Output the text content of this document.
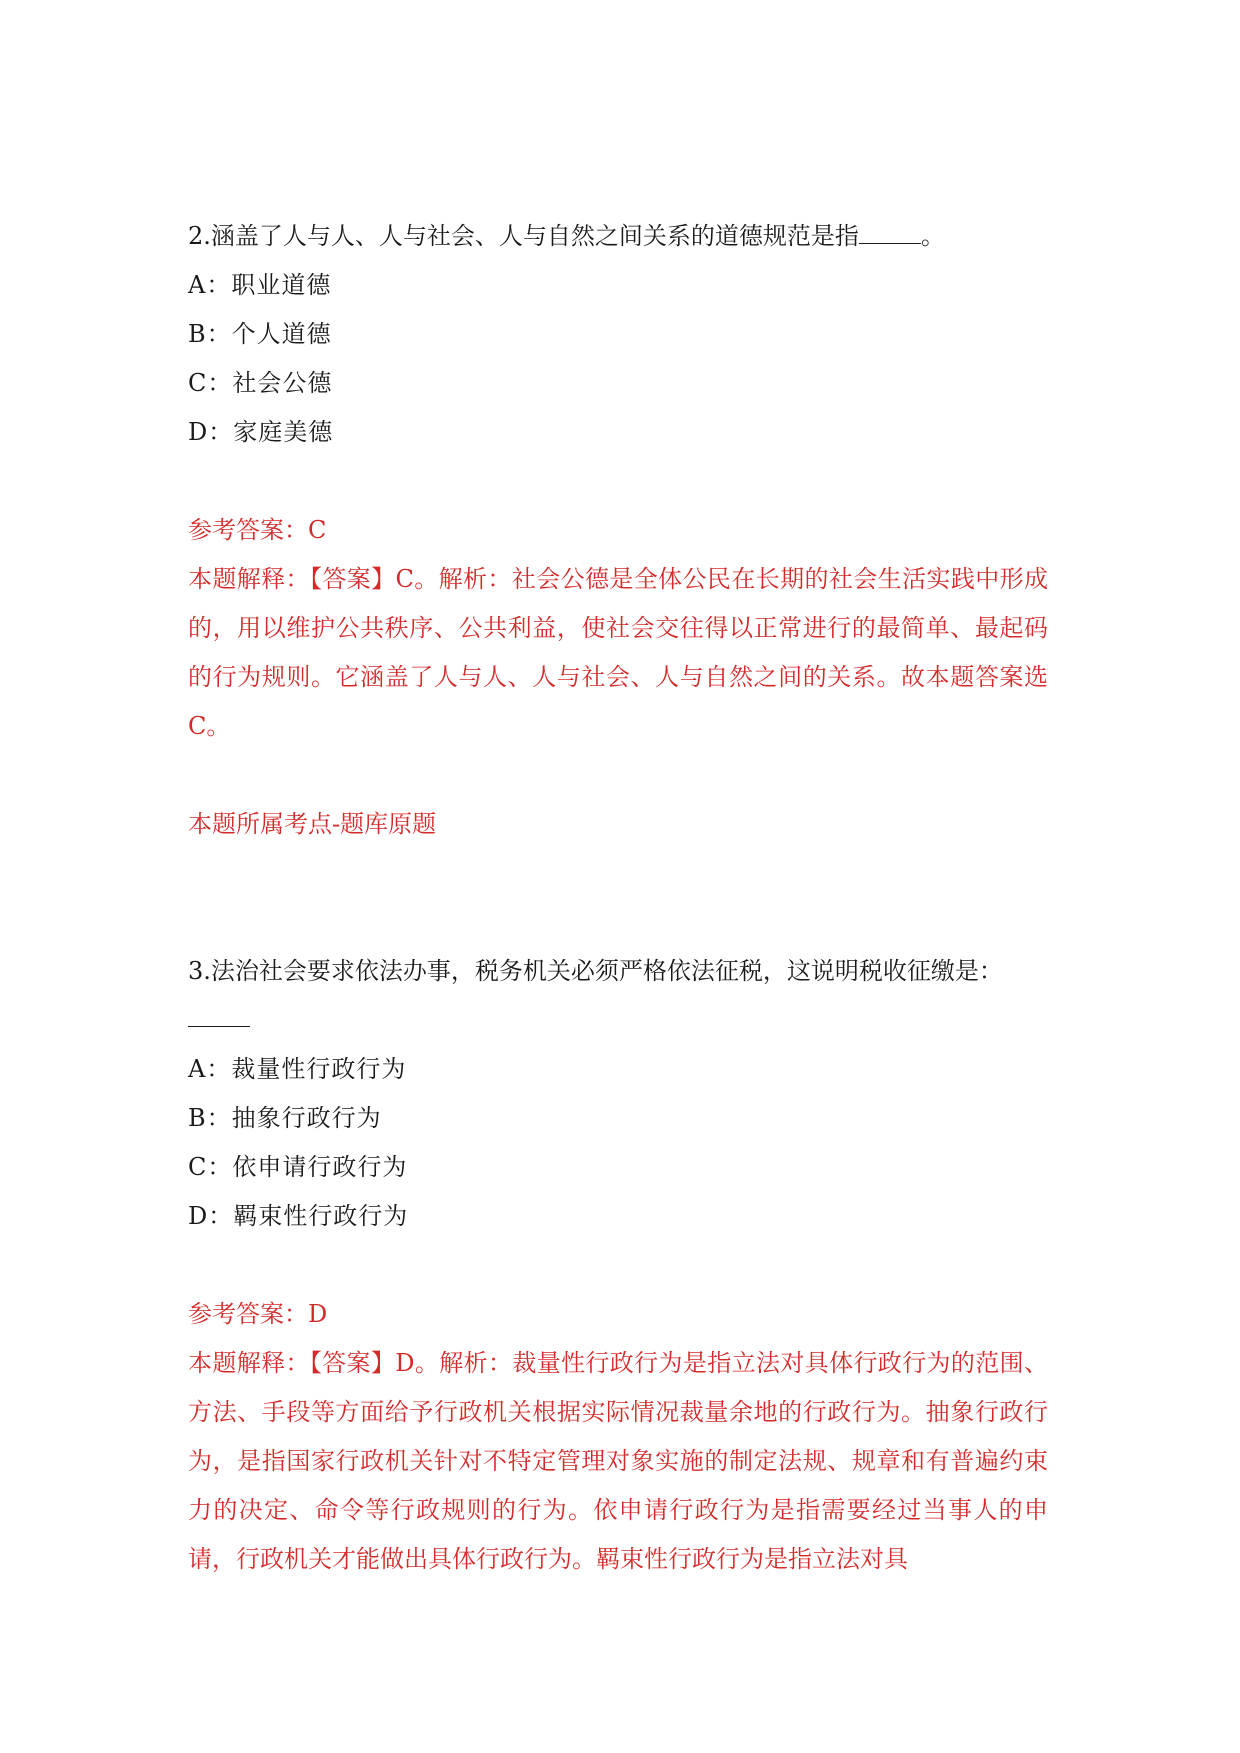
2.涵盖了人与人、人与社会、人与自然之间关系的道德规范是指	。
A：职业道德
B：个人道德
C：社会公德
D：家庭美德
参考答案：C
本题解释：【答案】C。解析：社会公德是全体公民在长期的社会生活实践中形成的，用以维护公共秩序、公共利益，使社会交往得以正常进行的最简单、最起码的行为规则。它涵盖了人与人、人与社会、人与自然之间的关系。故本题答案选C。
本题所属考点-题库原题
3.法治社会要求依法办事，税务机关必须严格依法征税，这说明税收征缴是：
A：裁量性行政行为
B：抽象行政行为
C：依申请行政行为
D：羁束性行政行为
参考答案：D
本题解释：【答案】D。解析：裁量性行政行为是指立法对具体行政行为的范围、方法、手段等方面给予行政机关根据实际情况裁量余地的行政行为。抽象行政行为，是指国家行政机关针对不特定管理对象实施的制定法规、规章和有普遍约束力的决定、命令等行政规则的行为。依申请行政行为是指需要经过当事人的申请，行政机关才能做出具体行政行为。羁束性行政行为是指立法对具
